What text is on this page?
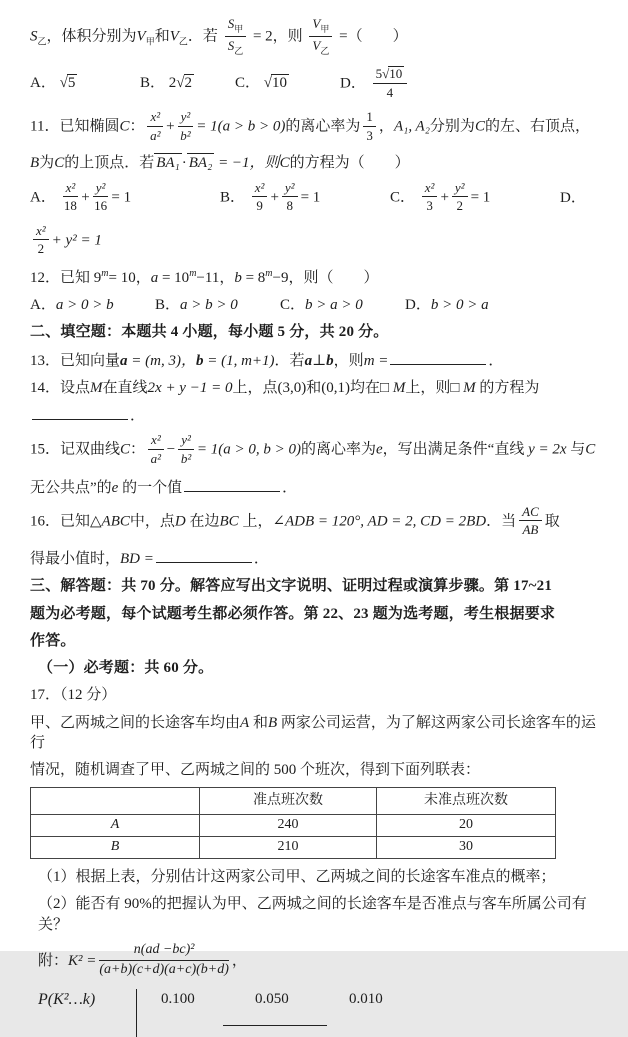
$S_乙$，体积分别为$V_甲$和$V_乙$．若 $\frac{S_甲}{S_乙} = 2$，则 $\frac{V_甲}{V_乙}$ =（　　）
A． √5	B． 2√2	C． √10	D． $\frac{5√10}{4}$
11．已知椭圆C： $\frac{\text{x²}}{\text{a²}} + \frac{\text{y²}}{\text{b²}} = 1(a > b > 0)$的离心率为 $\frac{1}{3}$ ，A₁, A₂分别为C的左、右顶点，
B为C的上顶点．若 BA₁ · BA₂ = −1，则C的方程为（　　）
A． $\frac{\text{x²}}{18} + \frac{\text{y²}}{16} = 1$	B． $\frac{\text{x²}}{9} + \frac{\text{y²}}{8} = 1$	C． $\frac{\text{x²}}{3} + \frac{\text{y²}}{2} = 1$	D．
$\frac{\text{x²}}{2} + y^2 = 1$
12．已知 $9^m= 10$，$a = 10^m-11$，$b = 8^m-9$，则（　　）
A．a > 0 > b	B．a > b > 0	C．b > a > 0	D．b > 0 > a
二、填空题：本题共 4 小题，每小题 5 分，共 20 分。
13．已知向量a = (m, 3)，b = (1, m+1)．若a⊥b，则m =	．
14．设点M在直线2x + y −1 = 0上，点(3,0)和(0,1)均在□ M上，则□ M 的方程为
．
15．记双曲线C： $\frac{\text{x²}}{\text{a²}} - \frac{\text{y²}}{\text{b²}} = 1(a > 0$, b > 0)的离心率为e，写出满足条件“直线 y = 2x 与C
无公共点”的e 的一个值	．
16．已知△ABC中，点D 在边BC 上，∠ADB = 120°, AD = 2, CD = 2BD．当 $\frac{AC}{AB}$ 取
得最小值时，BD =	．
三、解答题：共 70 分。解答应写出文字说明、证明过程或演算步骤。第 17~21
题为必考题，每个试题考生都必须作答。第 22、23 题为选考题，考生根据要求
作答。
（一）必考题：共 60 分。
17．（12 分）
甲、乙两城之间的长途客车均由A 和B 两家公司运营，为了解这两家公司长途客车的运行
情况，随机调查了甲、乙两城之间的 500 个班次，得到下面列联表：
	准点班次数	未准点班次数
A	240	20
B	210	30
（1）根据上表，分别估计这两家公司甲、乙两城之间的长途客车准点的概率；
（2）能否有 90%的把握认为甲、乙两城之间的长途客车是否准点与客车所属公司有关？
附： $K^2 = \frac{\text{n(ad −bc)²}}{(a+b)(c+d)(a+c)(b+d)}$ ，
P(K²…k)	0.100	0.050	0.010
